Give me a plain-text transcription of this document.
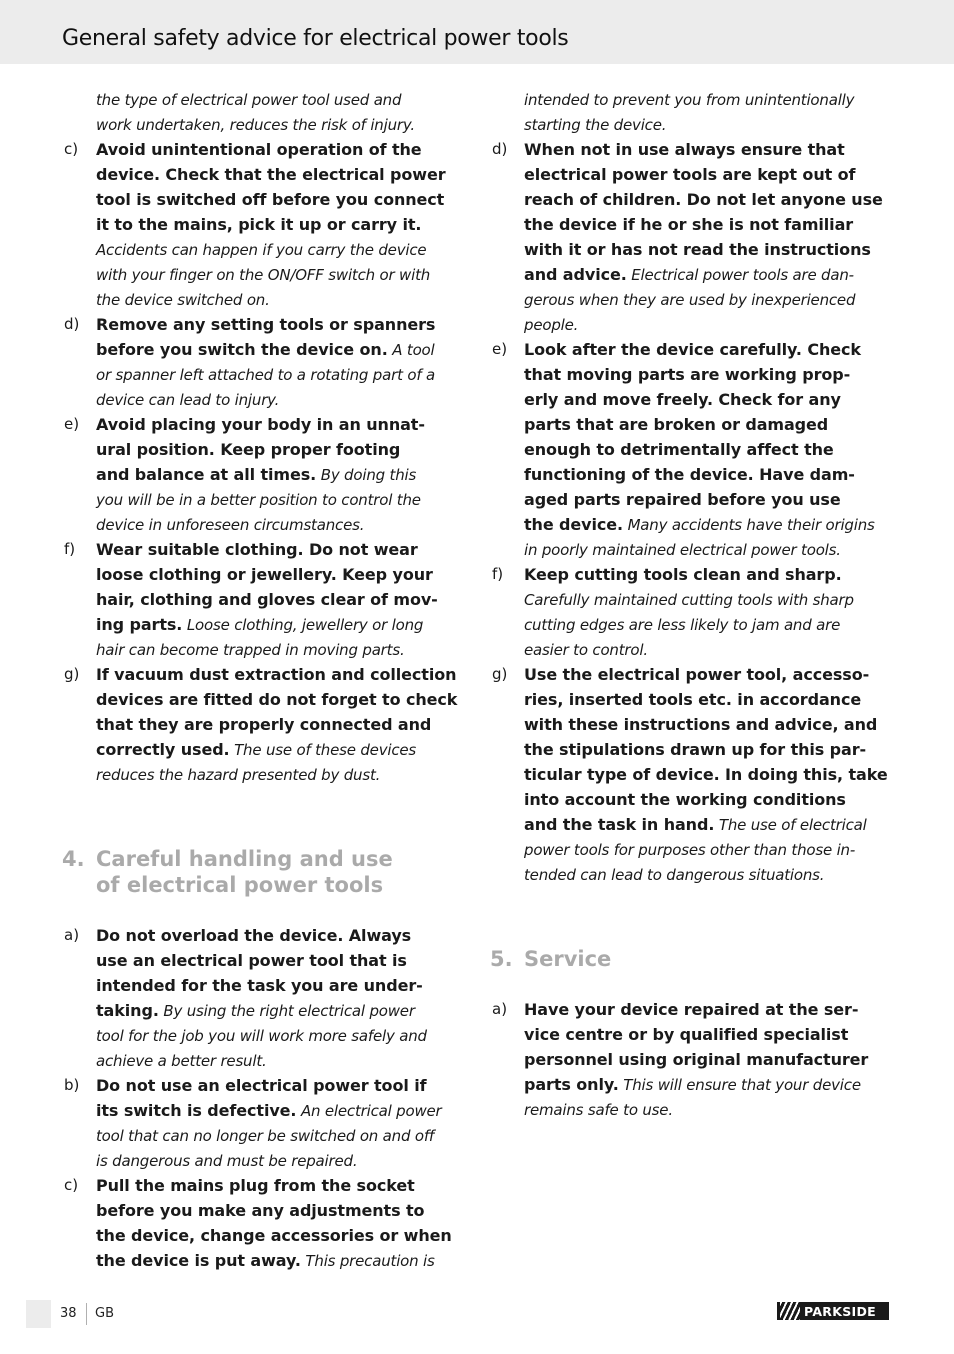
General safety advice for electrical power tools
the type of electrical power tool used and
work undertaken, reduces the risk of injury.
c) Avoid unintentional operation of the
device. Check that the electrical power
tool is switched off before you connect
it to the mains, pick it up or carry it.
Accidents can happen if you carry the device
with your finger on the ON/OFF switch or with
the device switched on.
d) Remove any setting tools or spanners
before you switch the device on. A tool
or spanner left attached to a rotating part of a
device can lead to injury.
e) Avoid placing your body in an unnat-
ural position. Keep proper footing
and balance at all times. By doing this
you will be in a better position to control the
device in unforeseen circumstances.
f) Wear suitable clothing. Do not wear
loose clothing or jewellery. Keep your
hair, clothing and gloves clear of mov-
ing parts. Loose clothing, jewellery or long
hair can become trapped in moving parts.
g) If vacuum dust extraction and collection
devices are fitted do not forget to check
that they are properly connected and
correctly used. The use of these devices
reduces the hazard presented by dust.
4. Careful handling and use
of electrical power tools
a) Do not overload the device. Always
use an electrical power tool that is
intended for the task you are under-
taking. By using the right electrical power
tool for the job you will work more safely and
achieve a better result.
b) Do not use an electrical power tool if
its switch is defective. An electrical power
tool that can no longer be switched on and off
is dangerous and must be repaired.
c) Pull the mains plug from the socket
before you make any adjustments to
the device, change accessories or when
the device is put away. This precaution is
intended to prevent you from unintentionally
starting the device.
d) When not in use always ensure that
electrical power tools are kept out of
reach of children. Do not let anyone use
the device if he or she is not familiar
with it or has not read the instructions
and advice. Electrical power tools are dan-
gerous when they are used by inexperienced
people.
e) Look after the device carefully. Check
that moving parts are working prop-
erly and move freely. Check for any
parts that are broken or damaged
enough to detrimentally affect the
functioning of the device. Have dam-
aged parts repaired before you use
the device. Many accidents have their origins
in poorly maintained electrical power tools.
f) Keep cutting tools clean and sharp.
Carefully maintained cutting tools with sharp
cutting edges are less likely to jam and are
easier to control.
g) Use the electrical power tool, accesso-
ries, inserted tools etc. in accordance
with these instructions and advice, and
the stipulations drawn up for this par-
ticular type of device. In doing this, take
into account the working conditions
and the task in hand. The use of electrical
power tools for purposes other than those in-
tended can lead to dangerous situations.
5. Service
a) Have your device repaired at the ser-
vice centre or by qualified specialist
personnel using original manufacturer
parts only. This will ensure that your device
remains safe to use.
38 GB	PARKSIDE
